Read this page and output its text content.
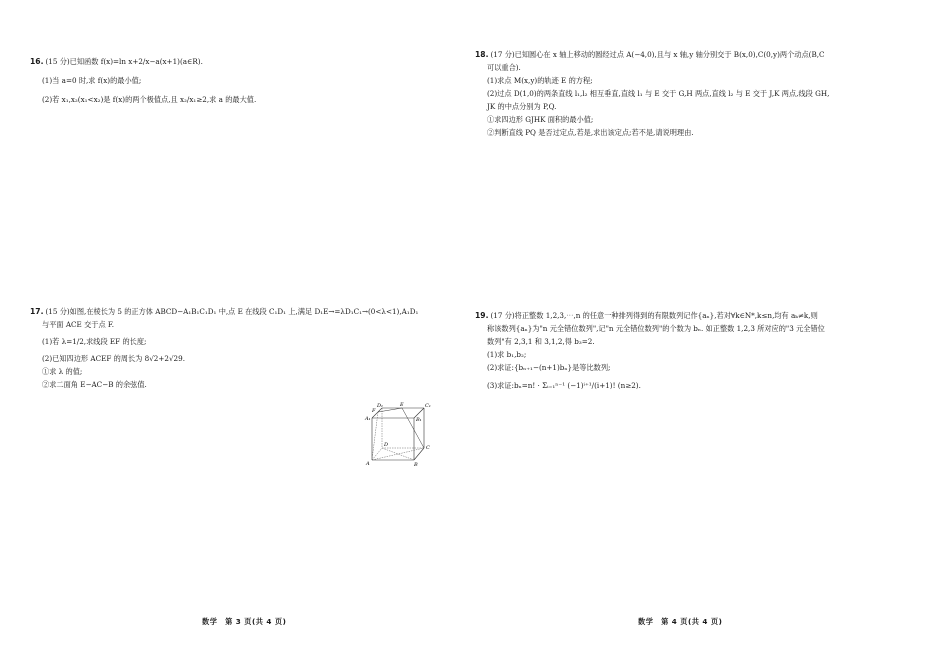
16. (15 分)已知函数 f(x)=ln x+2/x−a(x+1)(a∈R).
(1)当 a=0 时,求 f(x)的最小值;
(2)若 x₁,x₂(x₁<x₂)是 f(x)的两个极值点,且 x₂/x₁≥2,求 a 的最大值.
17. (15 分)如图,在棱长为 5 的正方体 ABCD−A₁B₁C₁D₁ 中,点 E 在线段 C₁D₁ 上,满足 D₁E→=λD₁C₁→(0<λ<1),A₁D₁
与平面 ACE 交于点 F.
(1)若 λ=1/2,求线段 EF 的长度;
(2)已知四边形 ACEF 的周长为 8√2+2√29.
①求 λ 的值;
②求二面角 E−AC−B 的余弦值.
数学　第 3 页(共 4 页)
D₁	E	C₁
A₁	B₁
F
D	C
A	B
18. (17 分)已知圆心在 x 轴上移动的圆经过点 A(−4,0),且与 x 轴,y 轴分别交于 B(x,0),C(0,y)两个动点(B,C
可以重合).
(1)求点 M(x,y)的轨迹 E 的方程;
(2)过点 D(1,0)的两条直线 l₁,l₂ 相互垂直,直线 l₁ 与 E 交于 G,H 两点,直线 l₂ 与 E 交于 J,K 两点,线段 GH,
JK 的中点分别为 P,Q.
①求四边形 GJHK 面积的最小值;
②判断直线 PQ 是否过定点,若是,求出该定点;若不是,请说明理由.
19. (17 分)将正整数 1,2,3,⋯,n 的任意一种排列得到的有限数列记作{aₙ},若对∀k∈N*,k≤n,均有 aₖ≠k,则
称该数列{aₙ}为"n 元全错位数列",记"n 元全错位数列"的个数为 bₙ. 如正整数 1,2,3 所对应的"3 元全错位
数列"有 2,3,1 和 3,1,2,得 b₃=2.
(1)求 b₁,b₂;
(2)求证:{bₙ₊₁−(n+1)bₙ}是等比数列;
(3)求证:bₙ=n! · Σᵢ₌₁ⁿ⁻¹ (−1)ⁱ⁺¹/(i+1)! (n≥2).
数学　第 4 页(共 4 页)
